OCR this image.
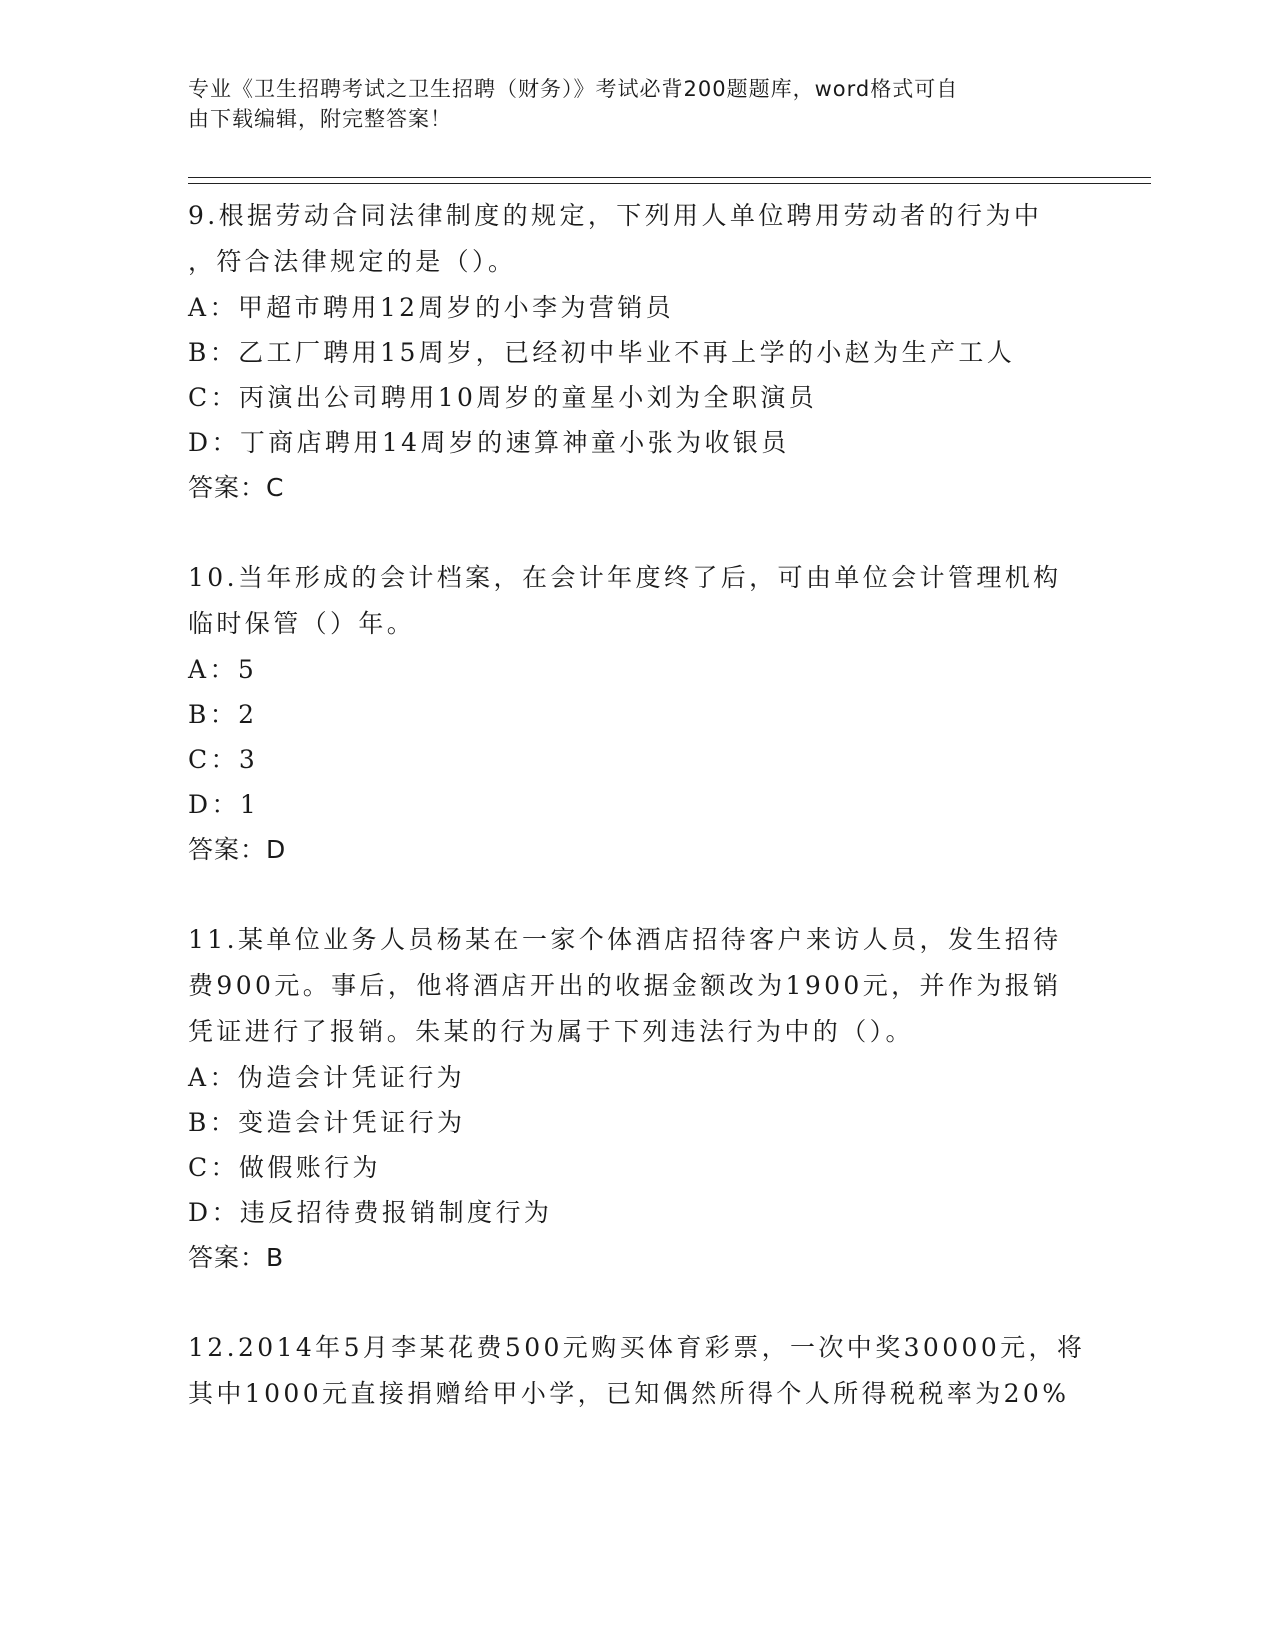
专业《卫生招聘考试之卫生招聘（财务）》考试必背200题题库，word格式可自
由下载编辑，附完整答案！

9.根据劳动合同法律制度的规定，下列用人单位聘用劳动者的行为中

，符合法律规定的是（）。

A：甲超市聘用12周岁的小李为营销员

B：乙工厂聘用15周岁，已经初中毕业不再上学的小赵为生产工人

C：丙演出公司聘用10周岁的童星小刘为全职演员

D：丁商店聘用14周岁的速算神童小张为收银员

答案：C

10.当年形成的会计档案，在会计年度终了后，可由单位会计管理机构

临时保管（）年。

A：5

B：2

C：3

D：1

答案：D

11.某单位业务人员杨某在一家个体酒店招待客户来访人员，发生招待

费900元。事后，他将酒店开出的收据金额改为1900元，并作为报销

凭证进行了报销。朱某的行为属于下列违法行为中的（）。

A：伪造会计凭证行为

B：变造会计凭证行为

C：做假账行为

D：违反招待费报销制度行为

答案：B

12.2014年5月李某花费500元购买体育彩票，一次中奖30000元，将

其中1000元直接捐赠给甲小学，已知偶然所得个人所得税税率为20%
